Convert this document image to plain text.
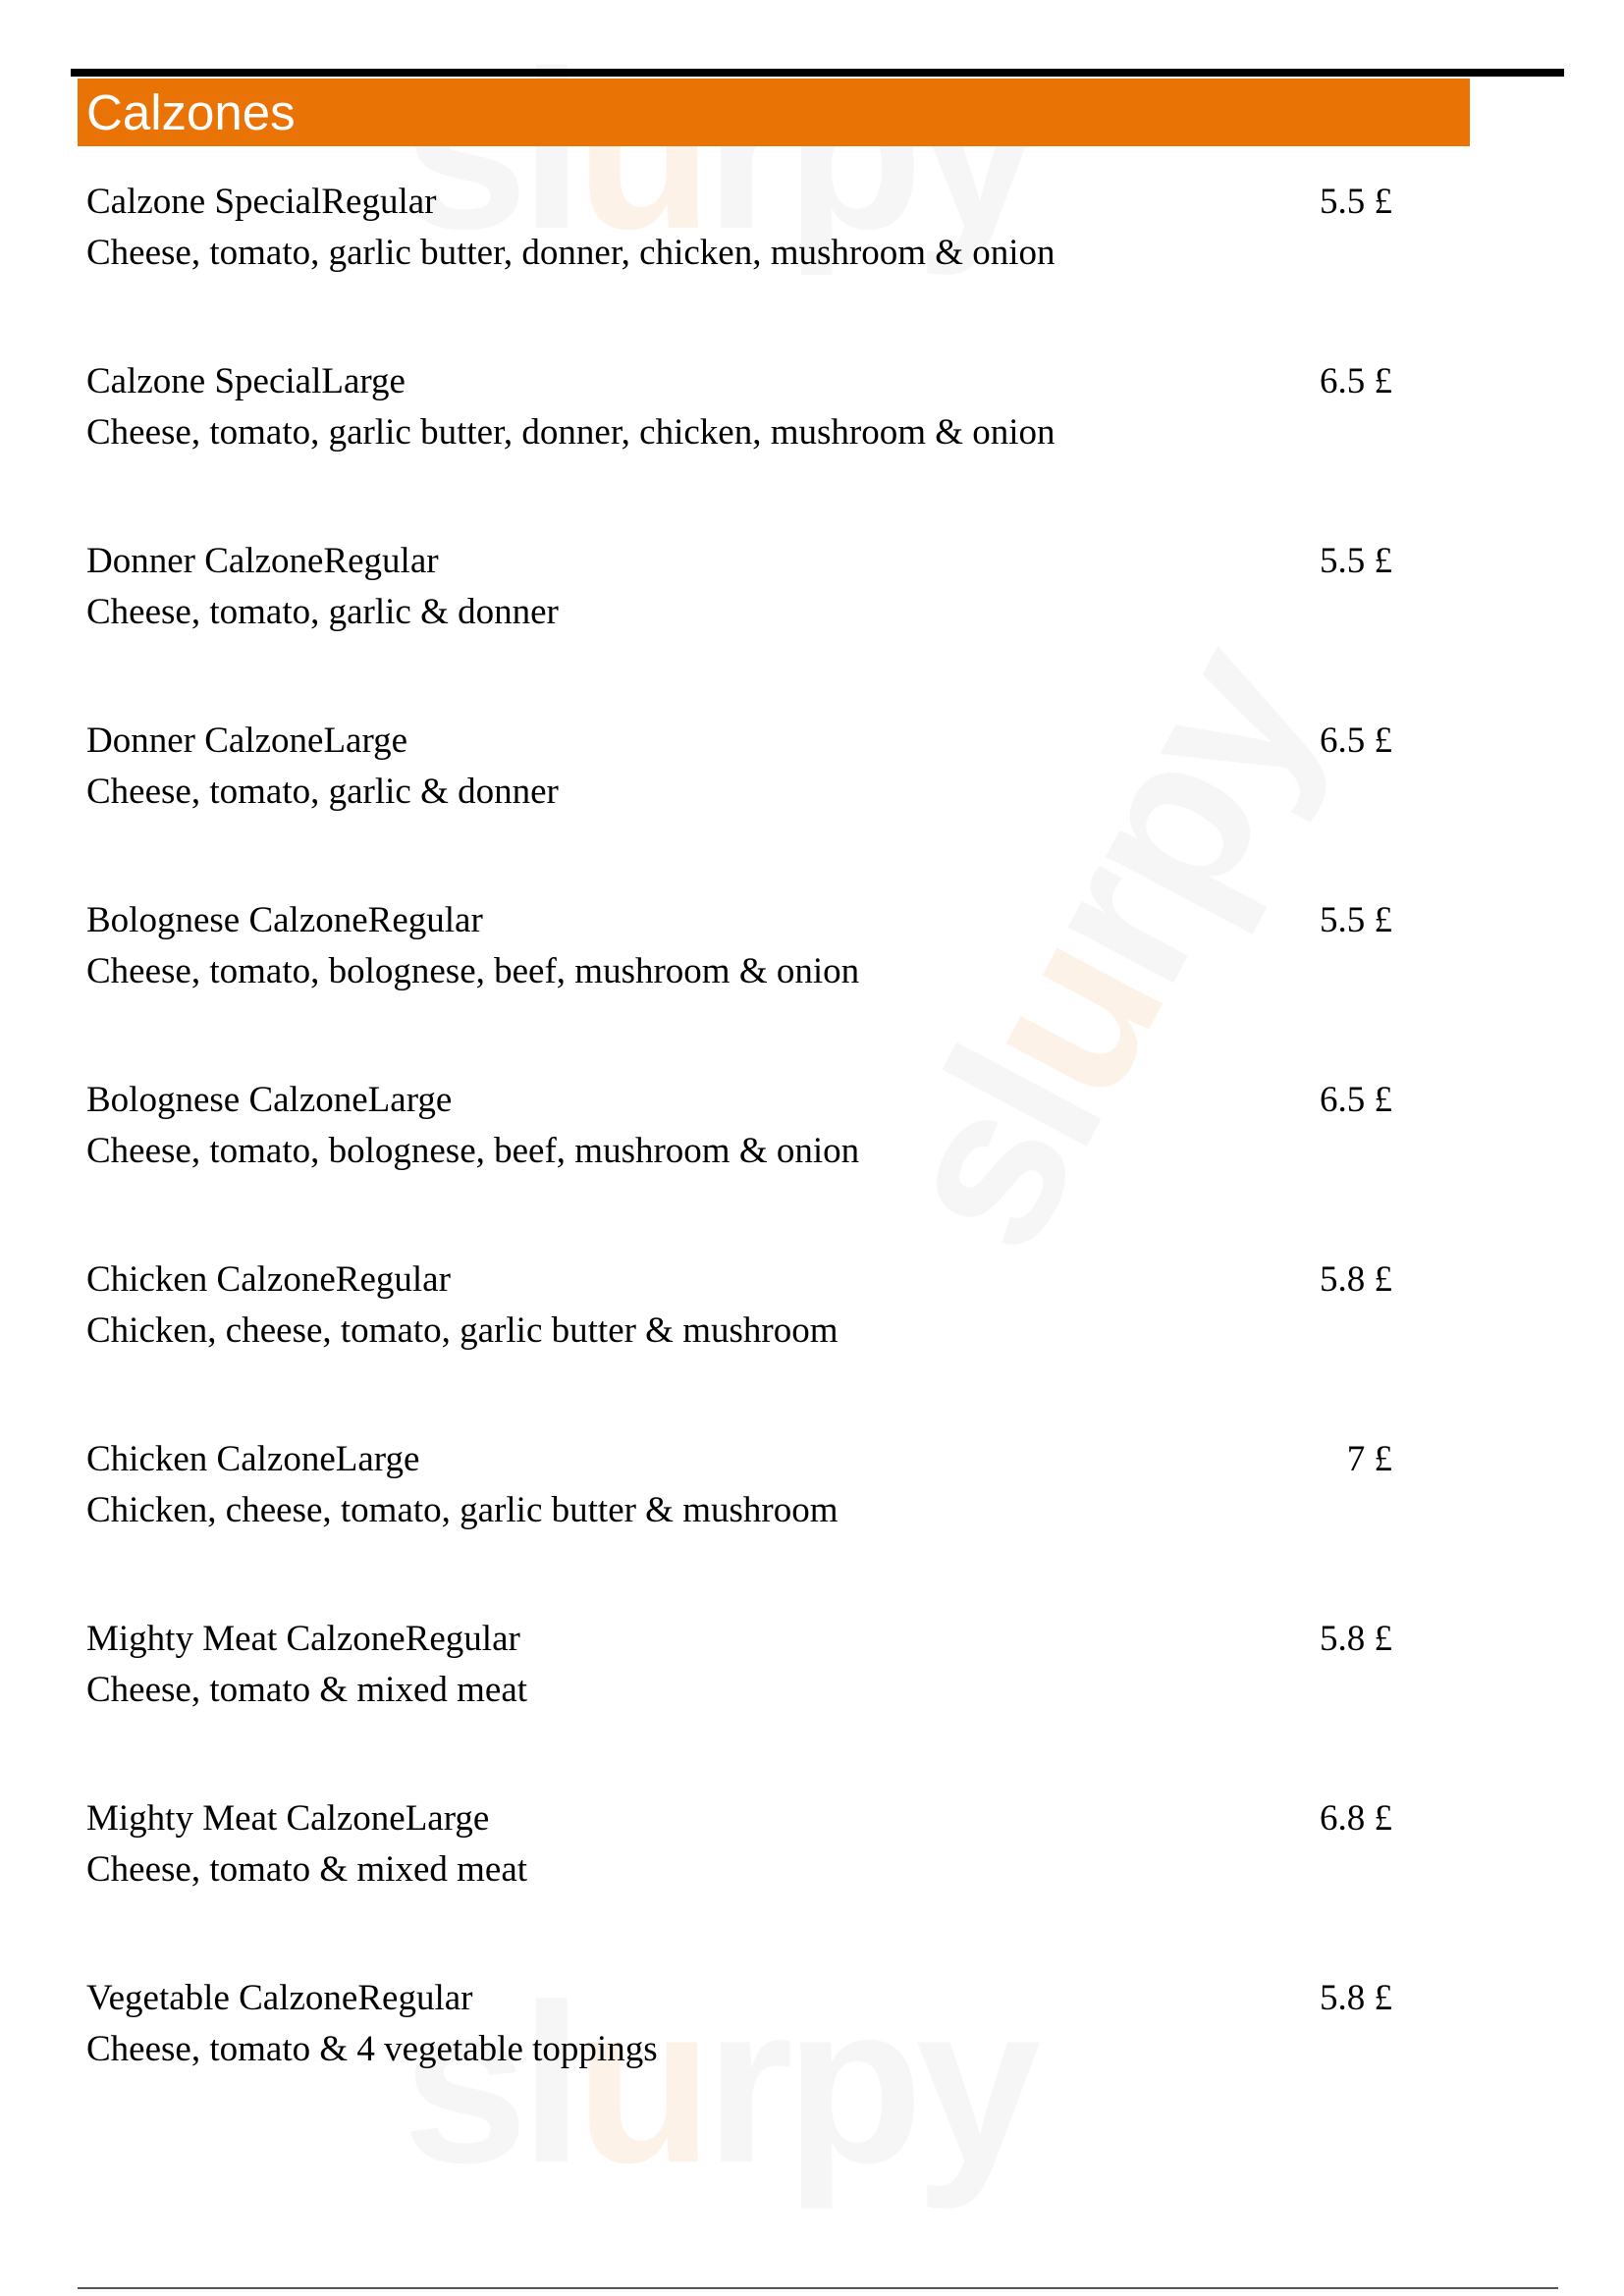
u
u
u
Calzones
Calzone SpecialRegular
Cheese, tomato, garlic butter, donner, chicken, mushroom & onion
5.5 £
Calzone SpecialLarge
Cheese, tomato, garlic butter, donner, chicken, mushroom & onion
6.5 £
Donner CalzoneRegular
Cheese, tomato, garlic & donner
5.5 £
Donner CalzoneLarge
Cheese, tomato, garlic & donner
6.5 £
Bolognese CalzoneRegular
Cheese, tomato, bolognese, beef, mushroom & onion
5.5 £
Bolognese CalzoneLarge
Cheese, tomato, bolognese, beef, mushroom & onion
6.5 £
Chicken CalzoneRegular
Chicken, cheese, tomato, garlic butter & mushroom
5.8 £
Chicken CalzoneLarge
Chicken, cheese, tomato, garlic butter & mushroom
7 £
Mighty Meat CalzoneRegular
Cheese, tomato & mixed meat
5.8 £
Mighty Meat CalzoneLarge
Cheese, tomato & mixed meat
6.8 £
Vegetable CalzoneRegular
Cheese, tomato & 4 vegetable toppings
5.8 £
